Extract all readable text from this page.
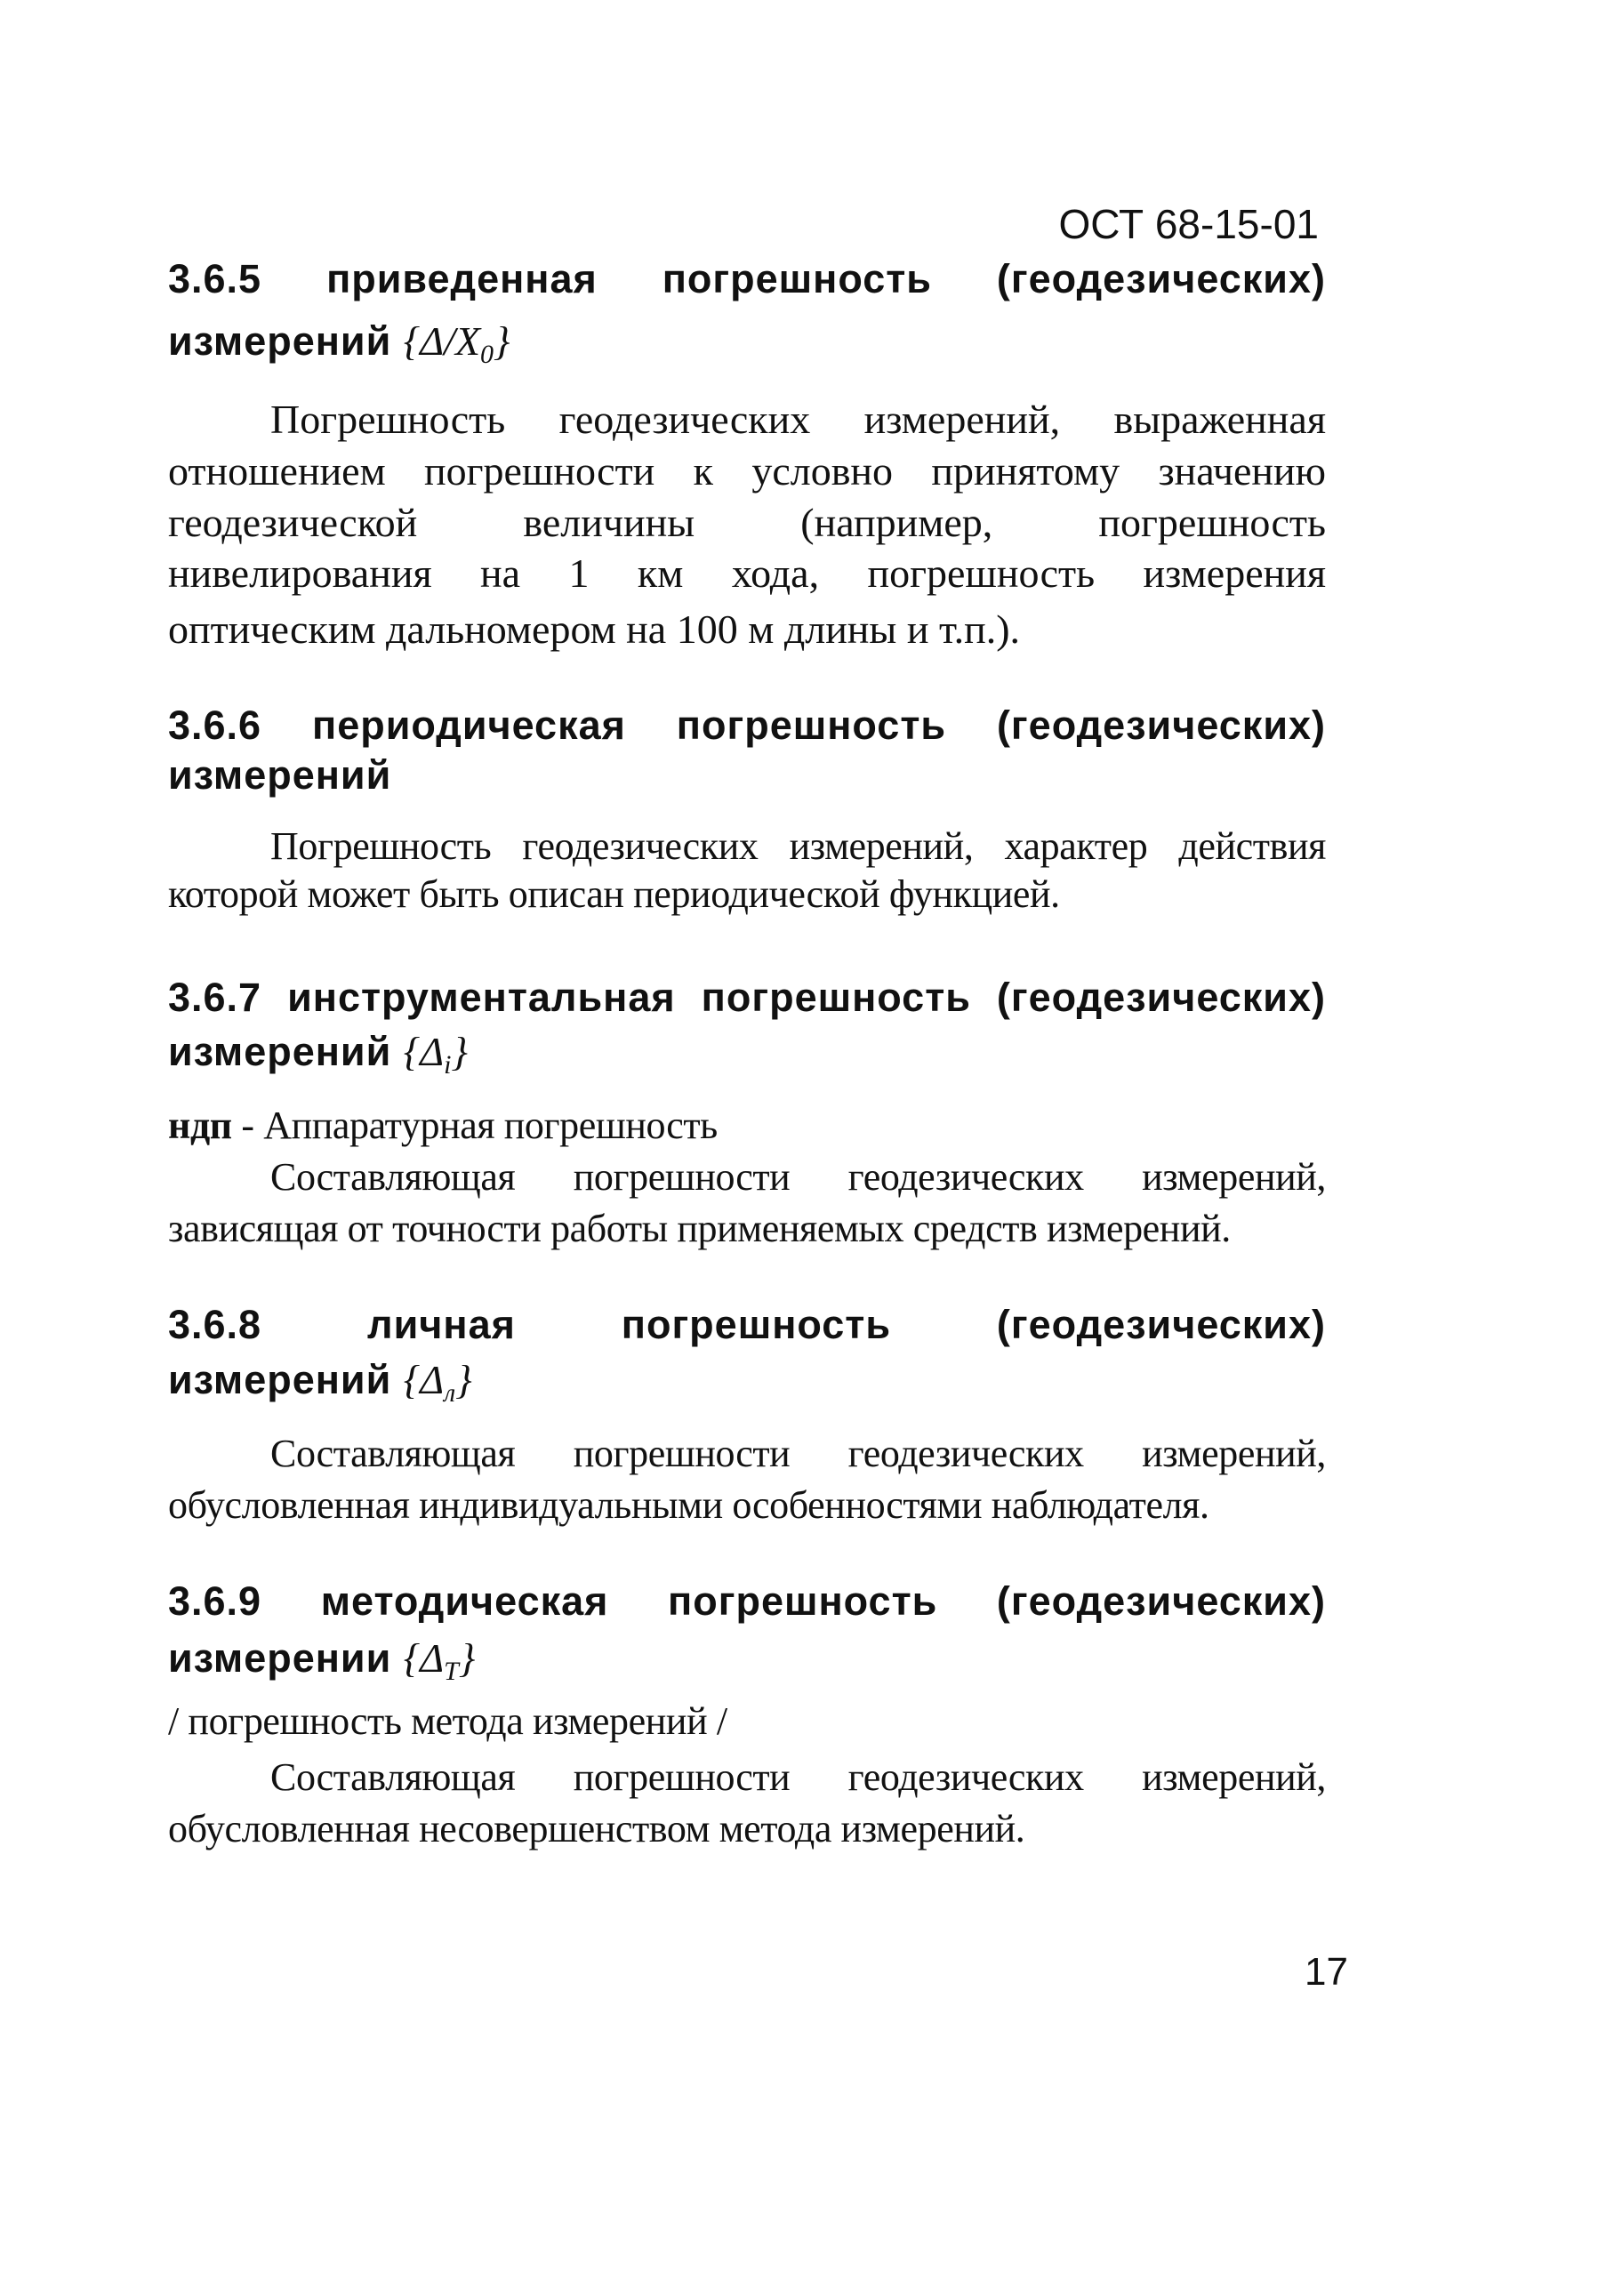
ОСТ 68-15-01
3.6.5 приведенная погрешность (геодезических)
измерений $\{\Delta/X_0\}$

Погрешность геодезических измерений, выраженная

отношением погрешности к условно принятому значению

геодезической величины (например, погрешность

нивелирования на 1 км хода, погрешность измерения

оптическим дальномером на 100 м длины и т.п.).

3.6.6 периодическая погрешность (геодезических)
измерений

Погрешность геодезических измерений, характер действия

которой может быть описан периодической функцией.

3.6.7 инструментальная погрешность (геодезических)
измерений $\{\Delta_i\}$

ндп - Аппаратурная погрешность

Составляющая погрешности геодезических измерений,

зависящая от точности работы применяемых средств измерений.

3.6.8	личная погрешность (геодезических)
измерений $\{\Delta_л\}$

Составляющая погрешности геодезических измерений,

обусловленная индивидуальными особенностями наблюдателя.

3.6.9 методическая погрешность (геодезических)
измерении $\{\Delta_Т\}$

/ погрешность метода измерений /

Составляющая погрешности геодезических измерений,

обусловленная несовершенством метода измерений.

17
